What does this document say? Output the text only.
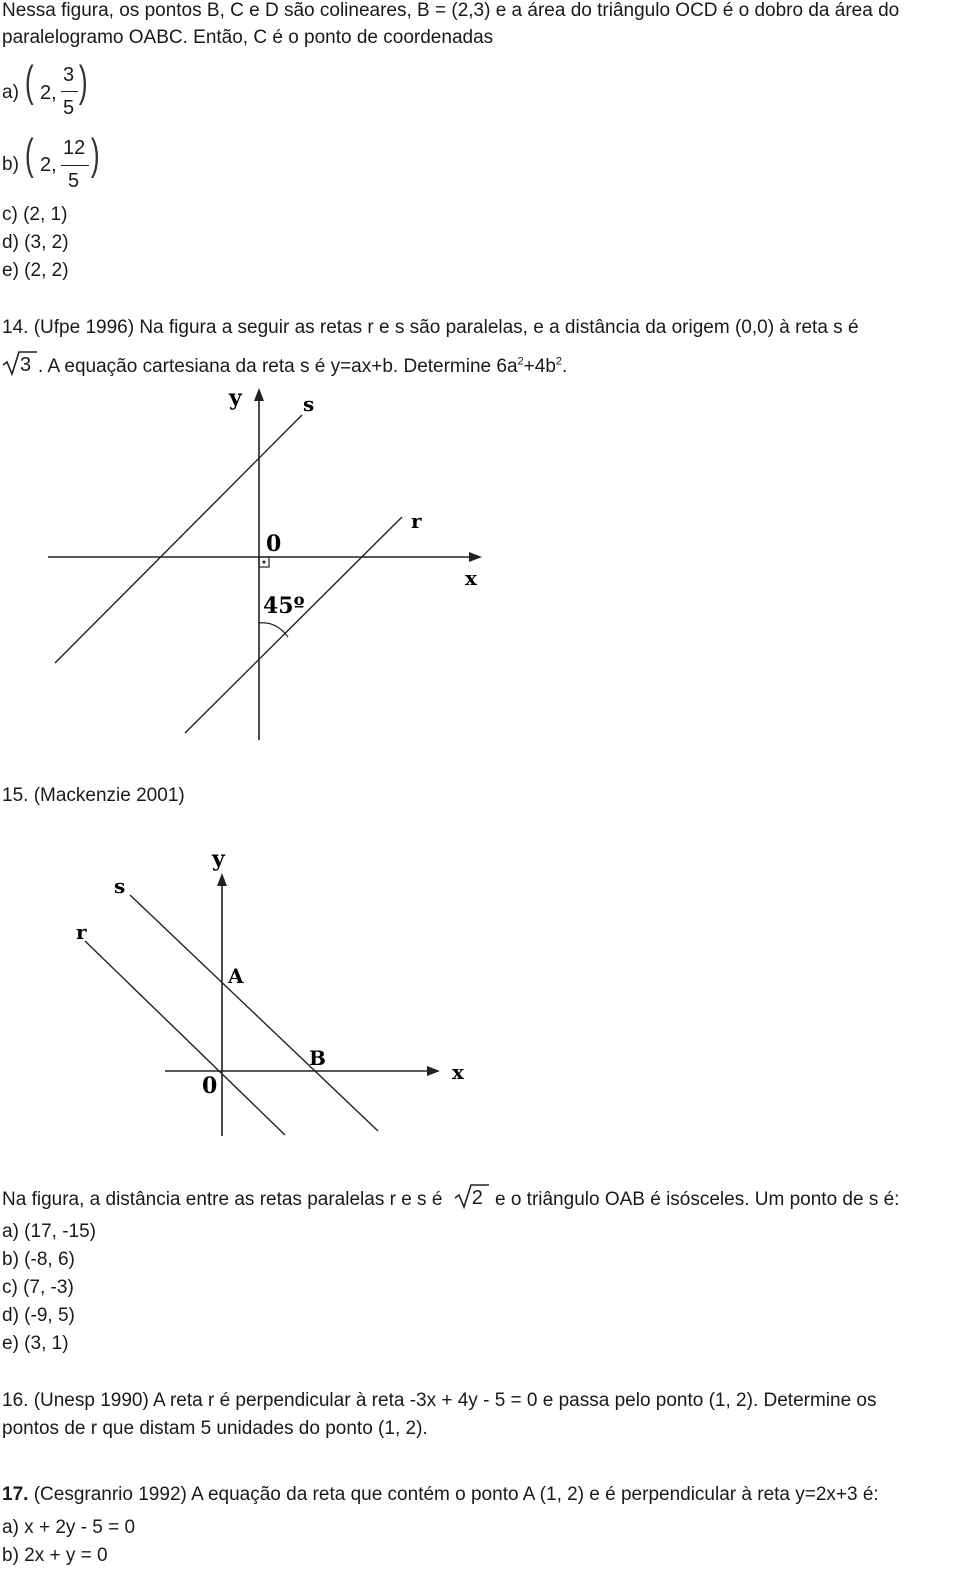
Nessa figura, os pontos B, C e D são colineares, B = (2,3) e a área do triângulo OCD é o dobro da área do
paralelogramo OABC. Então, C é o ponto de coordenadas
a) ( 2,
3
5
)
b) ( 2,
12
5
)
c) (2, 1)
d) (3, 2)
e) (2, 2)
14. (Ufpe 1996) Na figura a seguir as retas r e s são paralelas, e a distância da origem (0,0) à reta s é
3 . A equação cartesiana da reta s é y=ax+b. Determine $6a^2+4b^2$.
y	s
r
0
x
45º
15. (Mackenzie 2001)
y
s
r
A
B
x
0
Na figura, a distância entre as retas paralelas r e s é 2 e o triângulo OAB é isósceles. Um ponto de s é:
a) (17, -15)
b) (-8, 6)
c) (7, -3)
d) (-9, 5)
e) (3, 1)
16. (Unesp 1990) A reta r é perpendicular à reta -3x + 4y - 5 = 0 e passa pelo ponto (1, 2). Determine os
pontos de r que distam 5 unidades do ponto (1, 2).
17. (Cesgranrio 1992) A equação da reta que contém o ponto A (1, 2) e é perpendicular à reta y=2x+3 é:
a) x + 2y - 5 = 0
b) 2x + y = 0
